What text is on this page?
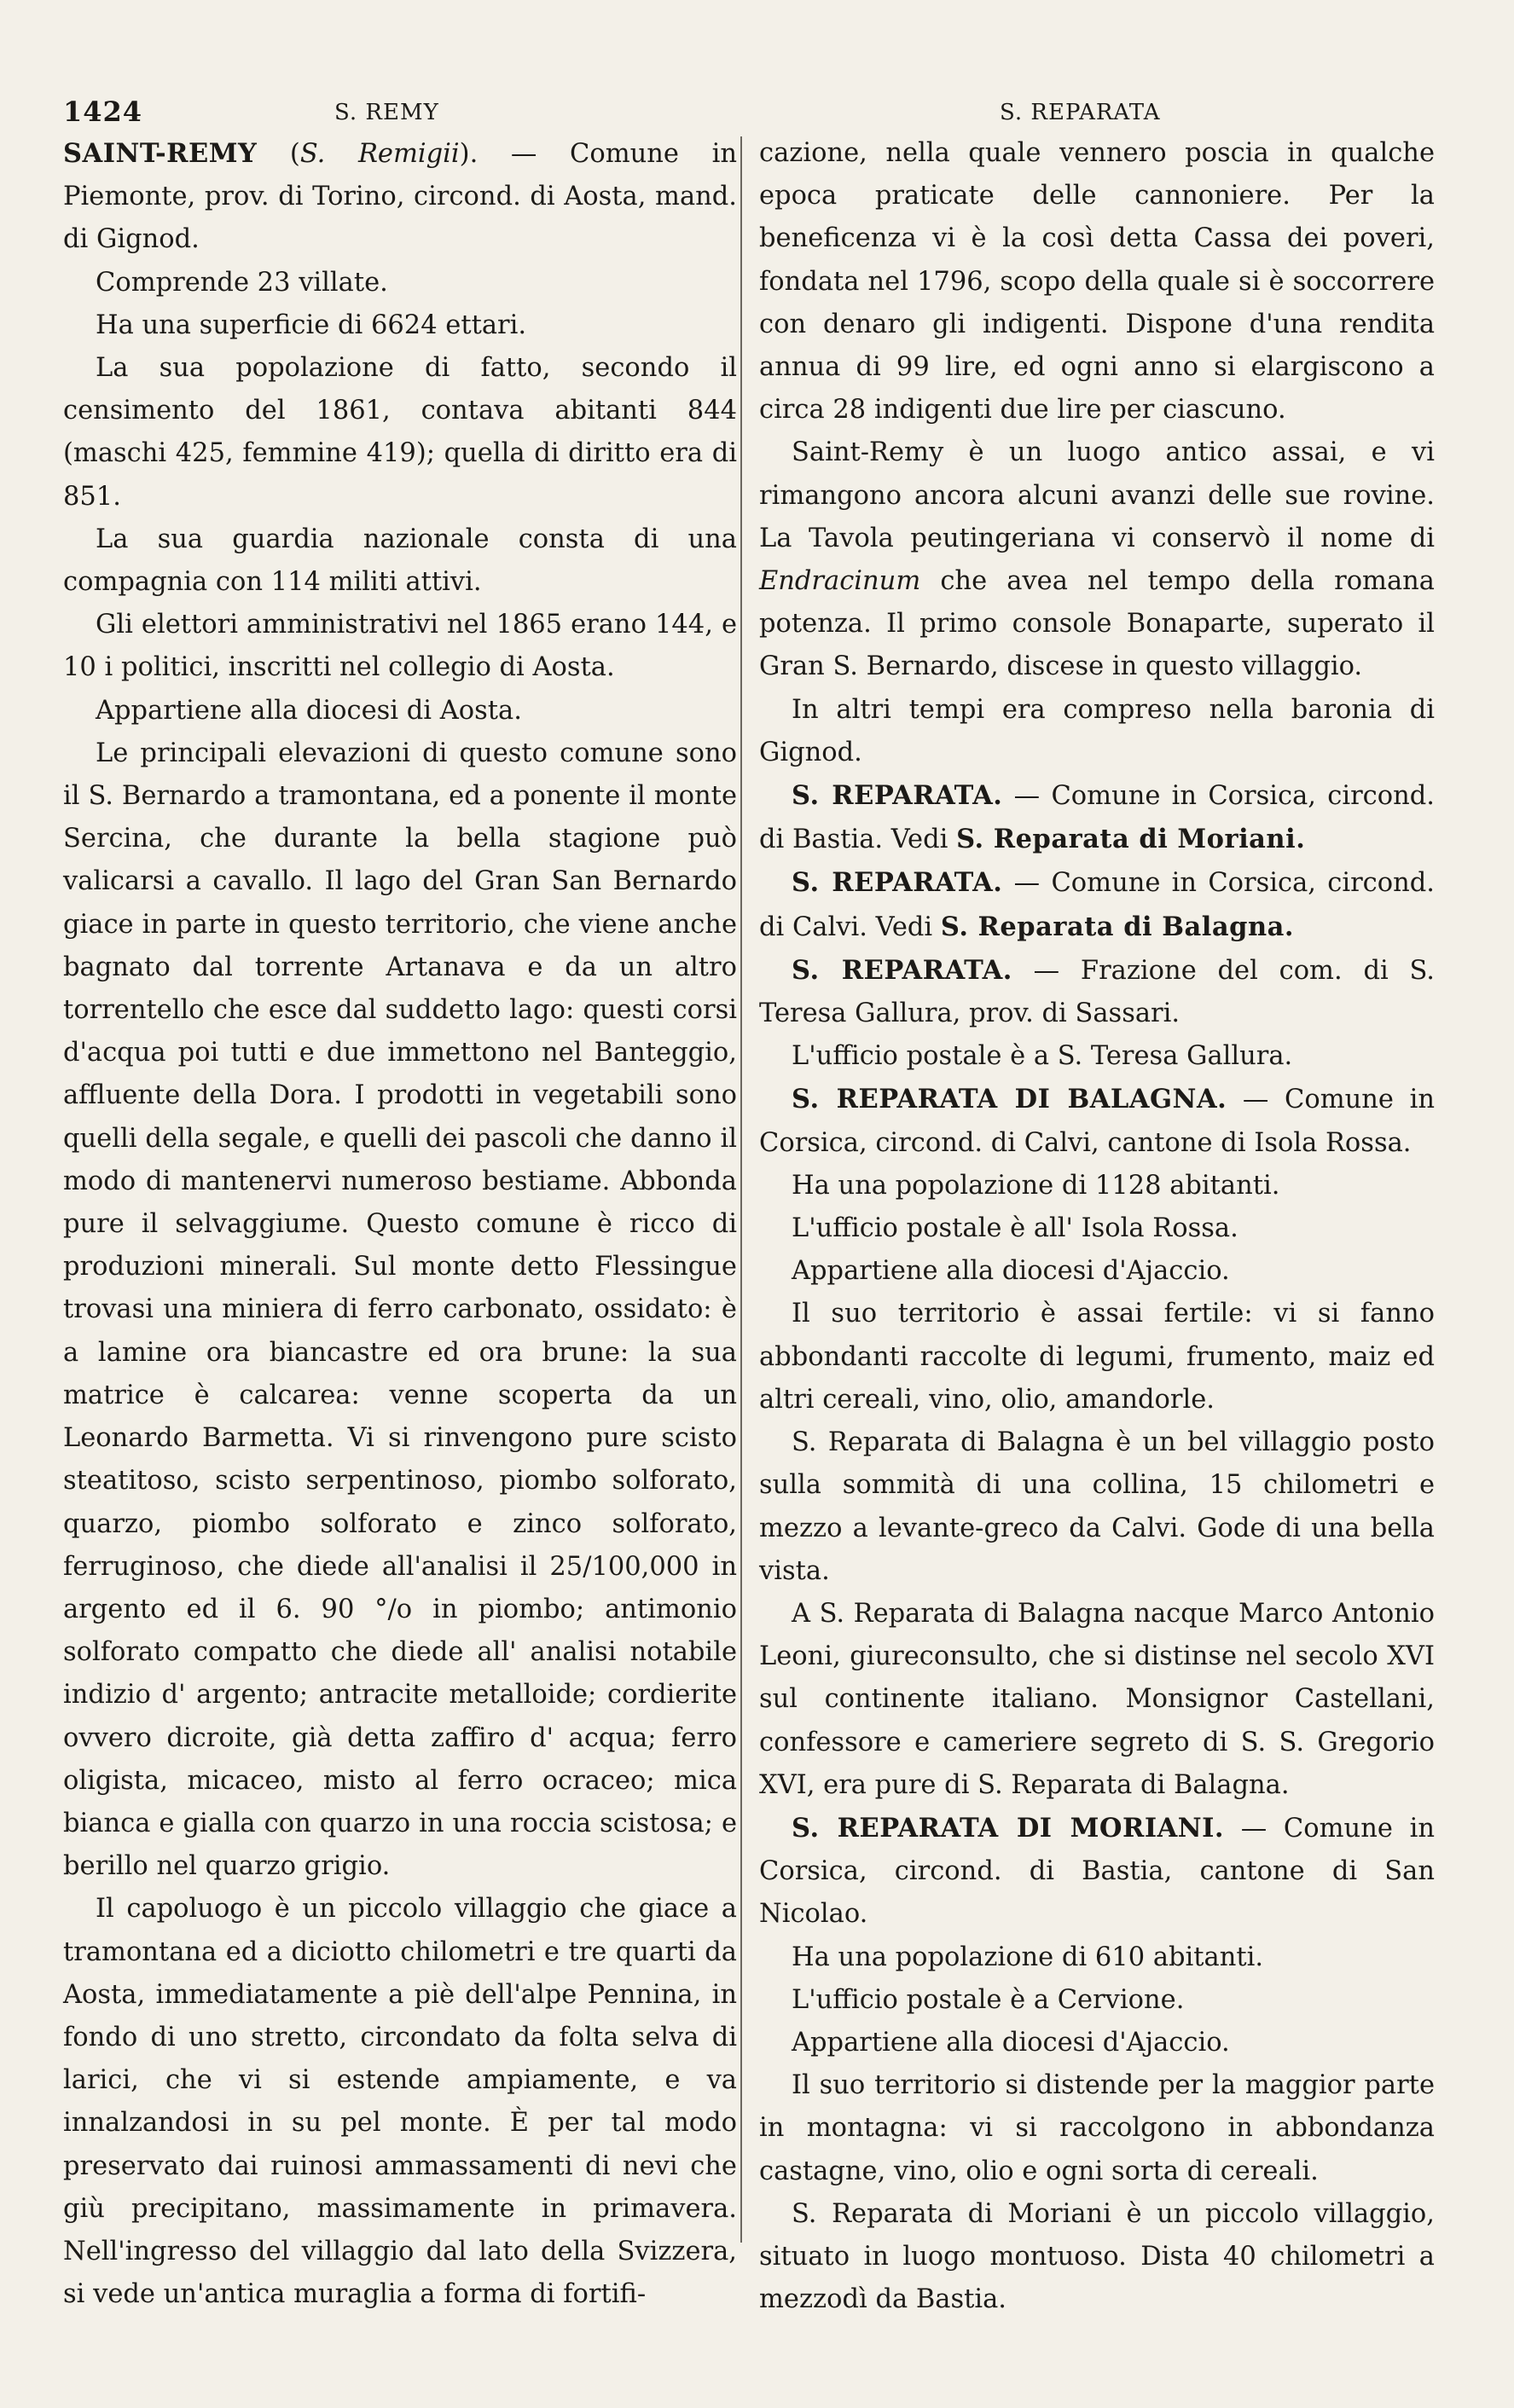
1424	S. REMY	S. REPARATA

SAINT-REMY (S. Remigii). — Comune in Piemonte, prov. di Torino, circond. di Aosta, mand. di Gignod.

Comprende 23 villate.

Ha una superficie di 6624 ettari.

La sua popolazione di fatto, secondo il censimento del 1861, contava abitanti 844 (maschi 425, femmine 419); quella di diritto era di 851.

La sua guardia nazionale consta di una compagnia con 114 militi attivi.

Gli elettori amministrativi nel 1865 erano 144, e 10 i politici, inscritti nel collegio di Aosta.

Appartiene alla diocesi di Aosta.

Le principali elevazioni di questo comune sono il S. Bernardo a tramontana, ed a ponente il monte Sercina, che durante la bella stagione può valicarsi a cavallo. Il lago del Gran San Bernardo giace in parte in questo territorio, che viene anche bagnato dal torrente Artanava e da un altro torrentello che esce dal suddetto lago: questi corsi d'acqua poi tutti e due immettono nel Banteggio, affluente della Dora. I prodotti in vegetabili sono quelli della segale, e quelli dei pascoli che danno il modo di mantenervi numeroso bestiame. Abbonda pure il selvaggiume. Questo comune è ricco di produzioni minerali. Sul monte detto Flessingue trovasi una miniera di ferro carbonato, ossidato: è a lamine ora biancastre ed ora brune: la sua matrice è calcarea: venne scoperta da un Leonardo Barmetta. Vi si rinvengono pure scisto steatitoso, scisto serpentinoso, piombo solforato, quarzo, piombo solforato e zinco solforato, ferruginoso, che diede all'analisi il 25/100,000 in argento ed il 6. 90 °/o in piombo; antimonio solforato compatto che diede all' analisi notabile indizio d' argento; antracite metalloide; cordierite ovvero dicroite, già detta zaffiro d' acqua; ferro oligista, micaceo, misto al ferro ocraceo; mica bianca e gialla con quarzo in una roccia scistosa; e berillo nel quarzo grigio.

Il capoluogo è un piccolo villaggio che giace a tramontana ed a diciotto chilometri e tre quarti da Aosta, immediatamente a piè dell'alpe Pennina, in fondo di uno stretto, circondato da folta selva di larici, che vi si estende ampiamente, e va innalzandosi in su pel monte. È per tal modo preservato dai ruinosi ammassamenti di nevi che giù precipitano, massimamente in primavera. Nell'ingresso del villaggio dal lato della Svizzera, si vede un'antica muraglia a forma di fortifi-

cazione, nella quale vennero poscia in qualche epoca praticate delle cannoniere. Per la beneficenza vi è la così detta Cassa dei poveri, fondata nel 1796, scopo della quale si è soccorrere con denaro gli indigenti. Dispone d'una rendita annua di 99 lire, ed ogni anno si elargiscono a circa 28 indigenti due lire per ciascuno.

Saint-Remy è un luogo antico assai, e vi rimangono ancora alcuni avanzi delle sue rovine. La Tavola peutingeriana vi conservò il nome di Endracinum che avea nel tempo della romana potenza. Il primo console Bonaparte, superato il Gran S. Bernardo, discese in questo villaggio.

In altri tempi era compreso nella baronia di Gignod.

S. REPARATA. — Comune in Corsica, circond. di Bastia. Vedi S. Reparata di Moriani.

S. REPARATA. — Comune in Corsica, circond. di Calvi. Vedi S. Reparata di Balagna.

S. REPARATA. — Frazione del com. di S. Teresa Gallura, prov. di Sassari.

L'ufficio postale è a S. Teresa Gallura.

S. REPARATA DI BALAGNA. — Comune in Corsica, circond. di Calvi, cantone di Isola Rossa.

Ha una popolazione di 1128 abitanti.

L'ufficio postale è all' Isola Rossa.

Appartiene alla diocesi d'Ajaccio.

Il suo territorio è assai fertile: vi si fanno abbondanti raccolte di legumi, frumento, maiz ed altri cereali, vino, olio, amandorle.

S. Reparata di Balagna è un bel villaggio posto sulla sommità di una collina, 15 chilometri e mezzo a levante-greco da Calvi. Gode di una bella vista.

A S. Reparata di Balagna nacque Marco Antonio Leoni, giureconsulto, che si distinse nel secolo XVI sul continente italiano. Monsignor Castellani, confessore e cameriere segreto di S. S. Gregorio XVI, era pure di S. Reparata di Balagna.

S. REPARATA DI MORIANI. — Comune in Corsica, circond. di Bastia, cantone di San Nicolao.

Ha una popolazione di 610 abitanti.

L'ufficio postale è a Cervione.

Appartiene alla diocesi d'Ajaccio.

Il suo territorio si distende per la maggior parte in montagna: vi si raccolgono in abbondanza castagne, vino, olio e ogni sorta di cereali.

S. Reparata di Moriani è un piccolo villaggio, situato in luogo montuoso. Dista 40 chilometri a mezzodì da Bastia.
